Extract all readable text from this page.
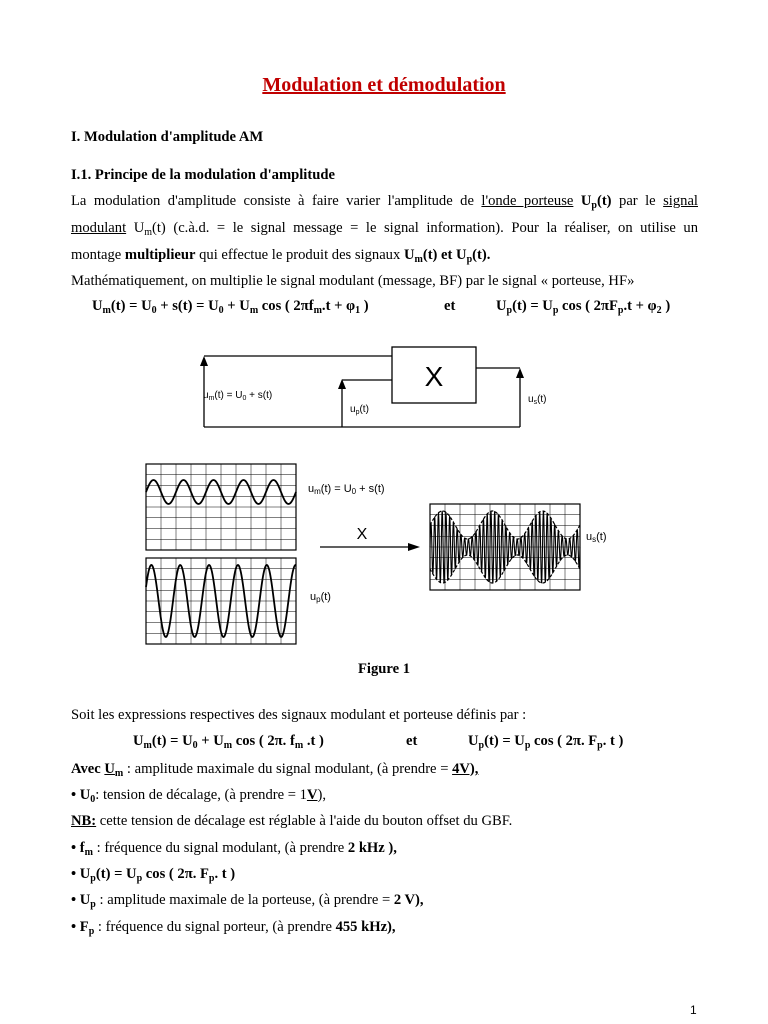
Modulation et démodulation
I. Modulation d'amplitude AM
I.1. Principe de la modulation d'amplitude
La modulation d'amplitude consiste à faire varier l'amplitude de l'onde porteuse $U_p(t)$ par le signal
modulant $U_m(t)$ (c.à.d. = le signal message = le signal information). Pour la réaliser, on utilise un
montage multiplieur qui effectue le produit des signaux $U_m(t)$ et $U_p(t)$.
Mathématiquement, on multiplie le signal modulant (message, BF) par le signal « porteuse, HF»
$U_m(t) = U_0 + s(t) = U_0 + U_m$ cos ( $2\pi f_m.t + \varphi_1$ )	et	$U_p(t) = U_p$ cos ( $2\pi F_p.t + \varphi_2$ )
X
$u_m(t) = U_0 + s(t)$
$u_p(t)$
$u_s(t)$
X
um(t) = U0 + s(t)
us(t)
up(t)
Figure 1
Soit les expressions respectives des signaux modulant et porteuse définis par :
$U_m(t) = U_0 + U_m$ cos ( 2π. $f_m$ .t )	et	$U_p(t) = U_p$ cos ( 2π. $F_p$. t )
Avec $U_m$ : amplitude maximale du signal modulant, (à prendre = 4V),
• $U_0$: tension de décalage, (à prendre = 1V),
NB: cette tension de décalage est réglable à l'aide du bouton offset du GBF.
• $f_m$ : fréquence du signal modulant, (à prendre 2 kHz ),
• $U_p(t) = U_p$ cos ( 2π. $F_p$. t )
• $U_p$ : amplitude maximale de la porteuse, (à prendre = 2 V),
• $F_p$ : fréquence du signal porteur, (à prendre 455 kHz),
1
